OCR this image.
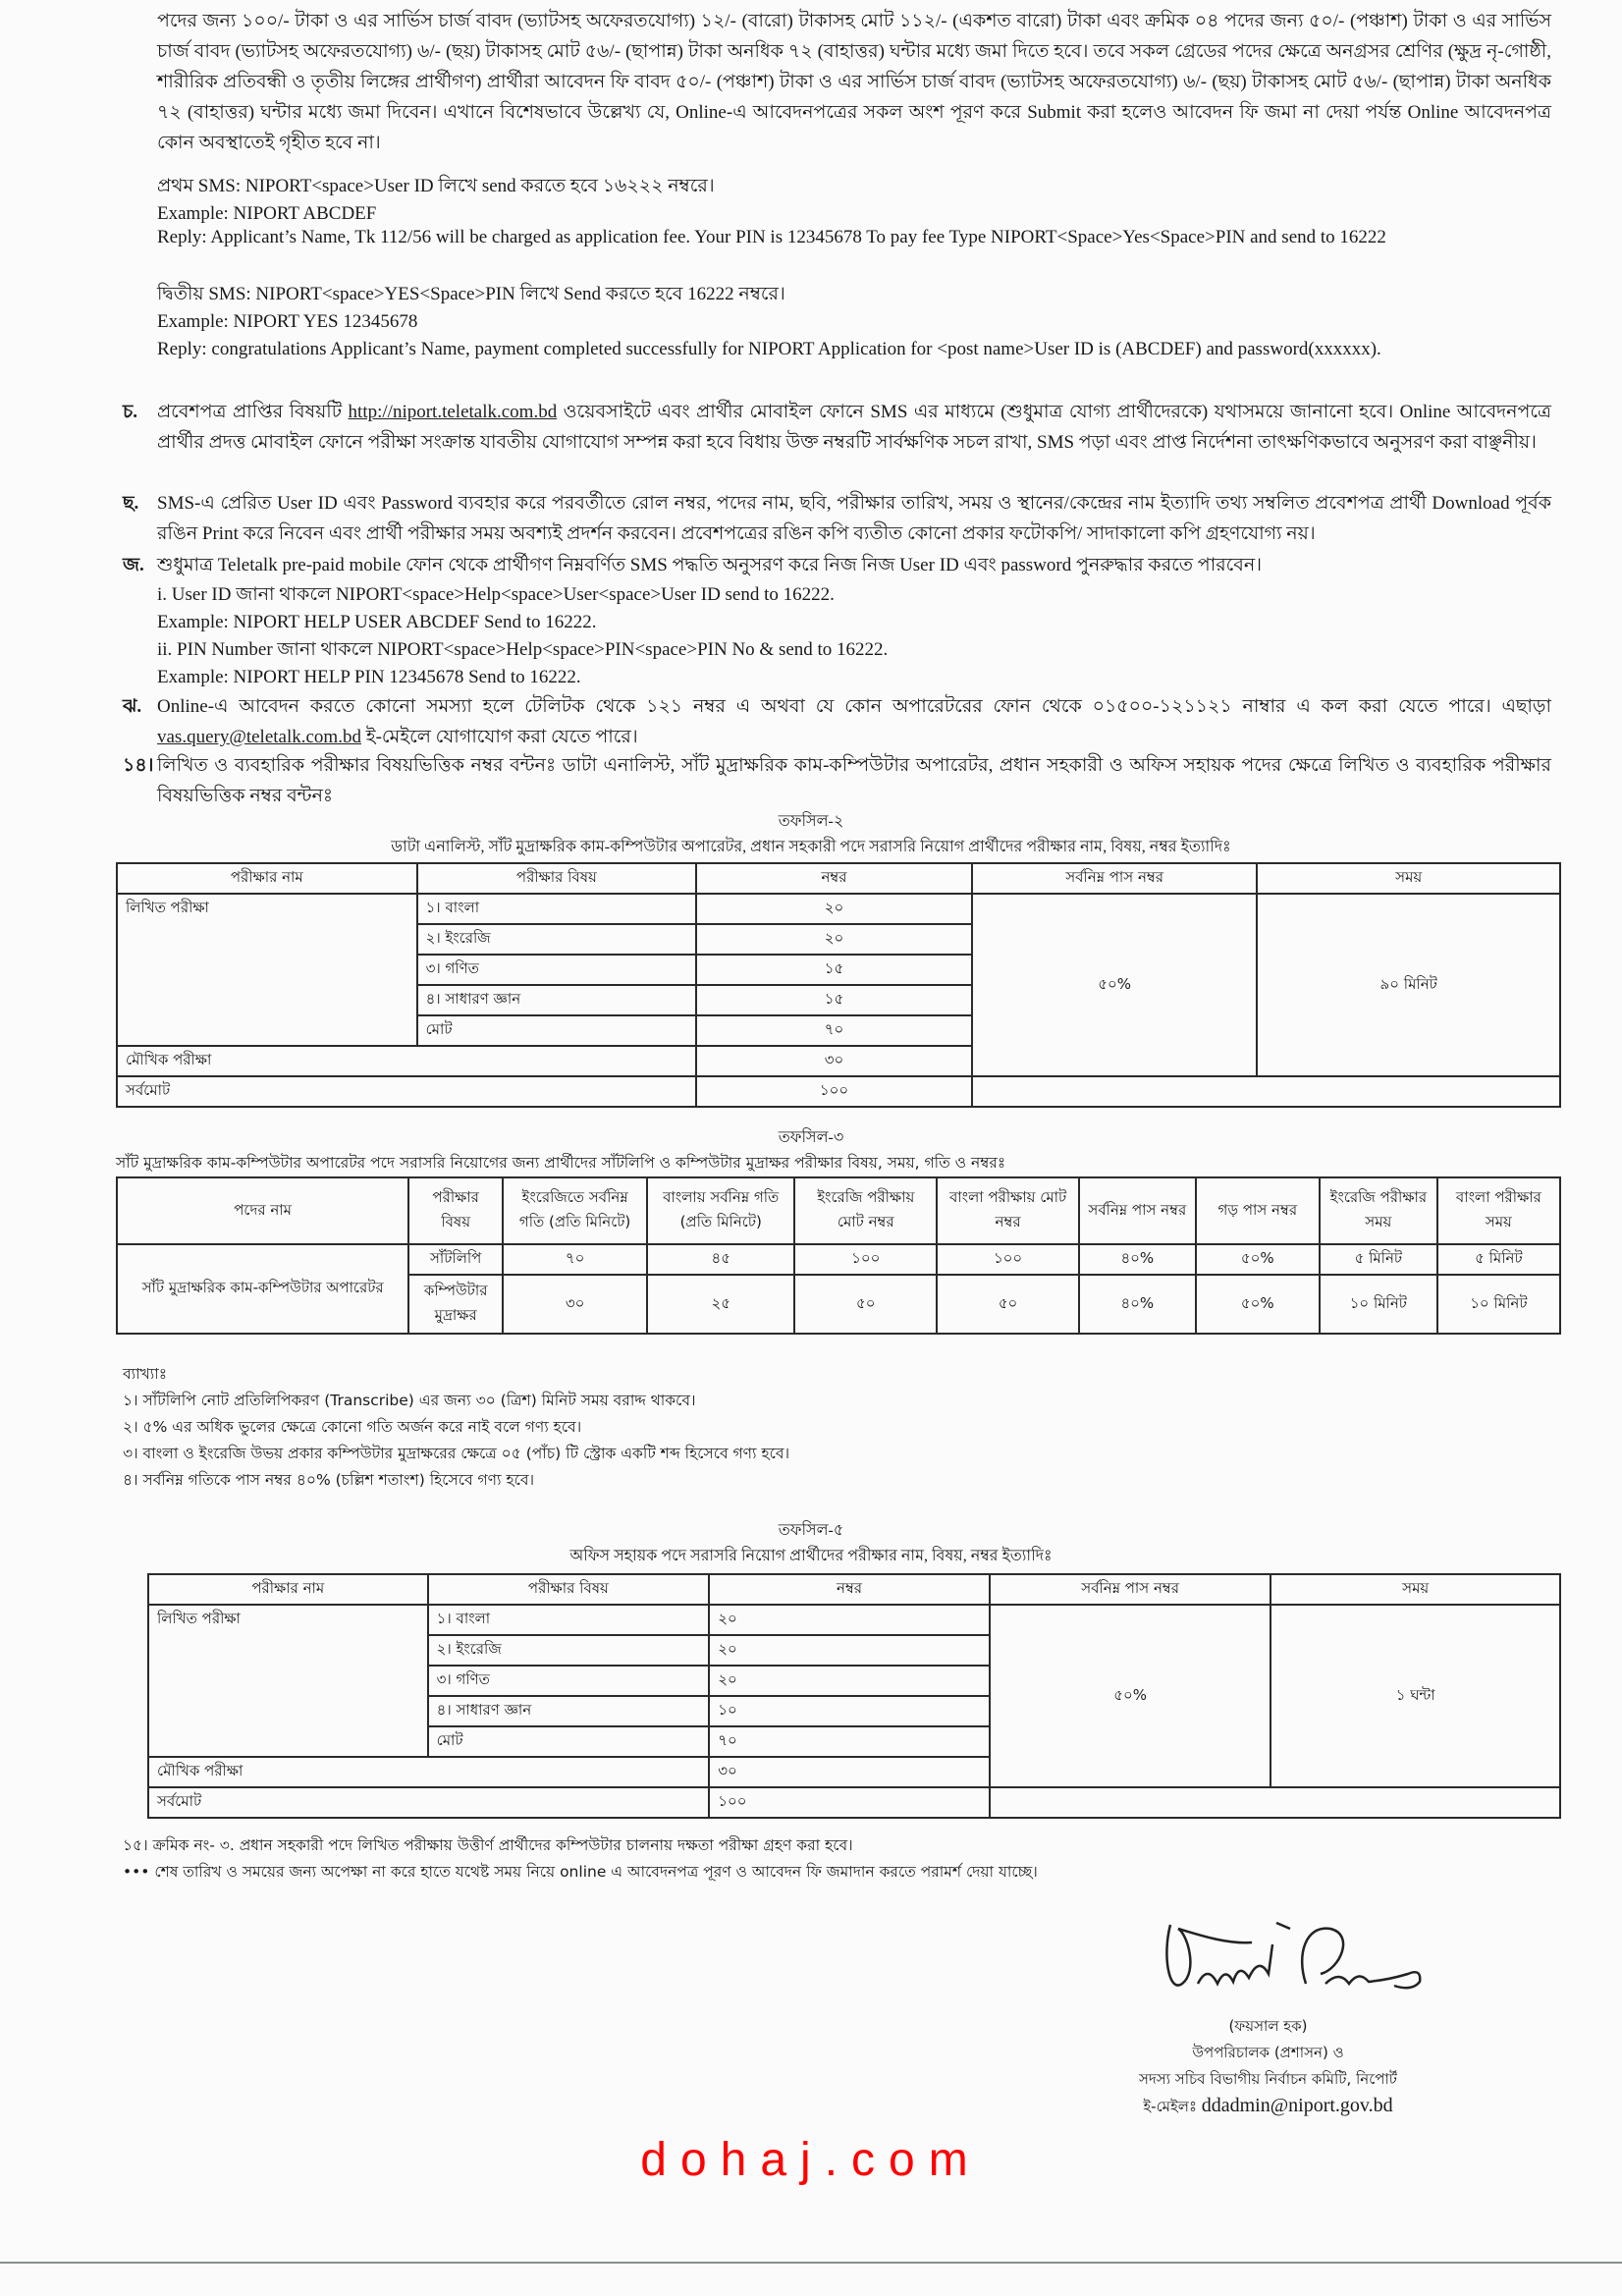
পদের জন্য ১০০/- টাকা ও এর সার্ভিস চার্জ বাবদ (ভ্যাটসহ অফেরতযোগ্য) ১২/- (বারো) টাকাসহ মোট ১১২/- (একশত বারো) টাকা এবং ক্রমিক ০৪ পদের জন্য ৫০/- (পঞ্চাশ) টাকা ও এর সার্ভিস চার্জ বাবদ (ভ্যাটসহ অফেরতযোগ্য) ৬/- (ছয়) টাকাসহ মোট ৫৬/- (ছাপান্ন) টাকা অনধিক ৭২ (বাহাত্তর) ঘন্টার মধ্যে জমা দিতে হবে। তবে সকল গ্রেডের পদের ক্ষেত্রে অনগ্রসর শ্রেণির (ক্ষুদ্র নৃ-গোষ্ঠী, শারীরিক প্রতিবন্ধী ও তৃতীয় লিঙ্গের প্রার্থীগণ) প্রার্থীরা আবেদন ফি বাবদ ৫০/- (পঞ্চাশ) টাকা ও এর সার্ভিস চার্জ বাবদ (ভ্যাটসহ অফেরতযোগ্য) ৬/- (ছয়) টাকাসহ মোট ৫৬/- (ছাপান্ন) টাকা অনধিক ৭২ (বাহাত্তর) ঘন্টার মধ্যে জমা দিবেন। এখানে বিশেষভাবে উল্লেখ্য যে, Online-এ আবেদনপত্রের সকল অংশ পূরণ করে Submit করা হলেও আবেদন ফি জমা না দেয়া পর্যন্ত Online আবেদনপত্র কোন অবস্থাতেই গৃহীত হবে না।
প্রথম SMS: NIPORT<space>User ID লিখে send করতে হবে ১৬২২২ নম্বরে।
Example: NIPORT ABCDEF
Reply: Applicant’s Name, Tk 112/56 will be charged as application fee. Your PIN is 12345678 To pay fee Type NIPORT<Space>Yes<Space>PIN and send to 16222
দ্বিতীয় SMS: NIPORT<space>YES<Space>PIN লিখে Send করতে হবে 16222 নম্বরে।
Example: NIPORT YES 12345678
Reply: congratulations Applicant’s Name, payment completed successfully for NIPORT Application for <post name>User ID is (ABCDEF) and password(xxxxxx).
চ. প্রবেশপত্র প্রাপ্তির বিষয়টি http://niport.teletalk.com.bd ওয়েবসাইটে এবং প্রার্থীর মোবাইল ফোনে SMS এর মাধ্যমে (শুধুমাত্র যোগ্য প্রার্থীদেরকে) যথাসময়ে জানানো হবে। Online আবেদনপত্রে প্রার্থীর প্রদত্ত মোবাইল ফোনে পরীক্ষা সংক্রান্ত যাবতীয় যোগাযোগ সম্পন্ন করা হবে বিধায় উক্ত নম্বরটি সার্বক্ষণিক সচল রাখা, SMS পড়া এবং প্রাপ্ত নির্দেশনা তাৎক্ষণিকভাবে অনুসরণ করা বাঞ্ছনীয়।
ছ. SMS-এ প্রেরিত User ID এবং Password ব্যবহার করে পরবর্তীতে রোল নম্বর, পদের নাম, ছবি, পরীক্ষার তারিখ, সময় ও স্থানের/কেন্দ্রের নাম ইত্যাদি তথ্য সম্বলিত প্রবেশপত্র প্রার্থী Download পূর্বক রঙিন Print করে নিবেন এবং প্রার্থী পরীক্ষার সময় অবশ্যই প্রদর্শন করবেন। প্রবেশপত্রের রঙিন কপি ব্যতীত কোনো প্রকার ফটোকপি/ সাদাকালো কপি গ্রহণযোগ্য নয়।
জ. শুধুমাত্র Teletalk pre-paid mobile ফোন থেকে প্রার্থীগণ নিম্নবর্ণিত SMS পদ্ধতি অনুসরণ করে নিজ নিজ User ID এবং password পুনরুদ্ধার করতে পারবেন।
i. User ID জানা থাকলে NIPORT<space>Help<space>User<space>User ID send to 16222.
Example: NIPORT HELP USER ABCDEF Send to 16222.
ii. PIN Number জানা থাকলে NIPORT<space>Help<space>PIN<space>PIN No & send to 16222.
Example: NIPORT HELP PIN 12345678 Send to 16222.
ঝ. Online-এ আবেদন করতে কোনো সমস্যা হলে টেলিটক থেকে ১২১ নম্বর এ অথবা যে কোন অপারেটরের ফোন থেকে ০১৫০০-১২১১২১ নাম্বার এ কল করা যেতে পারে। এছাড়া vas.query@teletalk.com.bd ই-মেইলে যোগাযোগ করা যেতে পারে।
১৪। লিখিত ও ব্যবহারিক পরীক্ষার বিষয়ভিত্তিক নম্বর বন্টনঃ ডাটা এনালিস্ট, সাঁট মুদ্রাক্ষরিক কাম-কম্পিউটার অপারেটর, প্রধান সহকারী ও অফিস সহায়ক পদের ক্ষেত্রে লিখিত ও ব্যবহারিক পরীক্ষার বিষয়ভিত্তিক নম্বর বন্টনঃ
তফসিল-২
ডাটা এনালিস্ট, সাঁট মুদ্রাক্ষরিক কাম-কম্পিউটার অপারেটর, প্রধান সহকারী পদে সরাসরি নিয়োগ প্রার্থীদের পরীক্ষার নাম, বিষয়, নম্বর ইত্যাদিঃ
পরীক্ষার নাম	পরীক্ষার বিষয়	নম্বর	সর্বনিম্ন পাস নম্বর	সময়
লিখিত পরীক্ষা	১। বাংলা	২০	৫০%	৯০ মিনিট
	২। ইংরেজি	২০		
	৩। গণিত	১৫		
	৪। সাধারণ জ্ঞান	১৫		
	মোট	৭০		
মৌখিক পরীক্ষা		৩০		
সর্বমোট		১০০		
তফসিল-৩
সাঁট মুদ্রাক্ষরিক কাম-কম্পিউটার অপারেটর পদে সরাসরি নিয়োগের জন্য প্রার্থীদের সাঁটলিপি ও কম্পিউটার মুদ্রাক্ষর পরীক্ষার বিষয়, সময়, গতি ও নম্বরঃ
পদের নাম	পরীক্ষার বিষয়	ইংরেজিতে সর্বনিম্ন গতি (প্রতি মিনিটে)	বাংলায় সর্বনিম্ন গতি (প্রতি মিনিটে)	ইংরেজি পরীক্ষায় মোট নম্বর	বাংলা পরীক্ষায় মোট নম্বর	সর্বনিম্ন পাস নম্বর	গড় পাস নম্বর	ইংরেজি পরীক্ষার সময়	বাংলা পরীক্ষার সময়
সাঁট মুদ্রাক্ষরিক কাম-কম্পিউটার অপারেটর	সাঁটলিপি	৭০	৪৫	১০০	১০০	৪০%	৫০%	৫ মিনিট	৫ মিনিট
	কম্পিউটার মুদ্রাক্ষর	৩০	২৫	৫০	৫০	৪০%	৫০%	১০ মিনিট	১০ মিনিট
ব্যাখ্যাঃ
১। সাঁটলিপি নোট প্রতিলিপিকরণ (Transcribe) এর জন্য ৩০ (ত্রিশ) মিনিট সময় বরাদ্দ থাকবে।
২। ৫% এর অধিক ভুলের ক্ষেত্রে কোনো গতি অর্জন করে নাই বলে গণ্য হবে।
৩। বাংলা ও ইংরেজি উভয় প্রকার কম্পিউটার মুদ্রাক্ষরের ক্ষেত্রে ০৫ (পাঁচ) টি স্ট্রোক একটি শব্দ হিসেবে গণ্য হবে।
৪। সর্বনিম্ন গতিকে পাস নম্বর ৪০% (চল্লিশ শতাংশ) হিসেবে গণ্য হবে।
তফসিল-৫
অফিস সহায়ক পদে সরাসরি নিয়োগ প্রার্থীদের পরীক্ষার নাম, বিষয়, নম্বর ইত্যাদিঃ
পরীক্ষার নাম	পরীক্ষার বিষয়	নম্বর	সর্বনিম্ন পাস নম্বর	সময়
লিখিত পরীক্ষা	১। বাংলা	২০	৫০%	১ ঘন্টা
	২। ইংরেজি	২০		
	৩। গণিত	২০		
	৪। সাধারণ জ্ঞান	১০		
	মোট	৭০		
মৌখিক পরীক্ষা		৩০		
সর্বমোট		১০০		
১৫। ক্রমিক নং- ৩. প্রধান সহকারী পদে লিখিত পরীক্ষায় উত্তীর্ণ প্রার্থীদের কম্পিউটার চালনায় দক্ষতা পরীক্ষা গ্রহণ করা হবে।
••• শেষ তারিখ ও সময়ের জন্য অপেক্ষা না করে হাতে যথেষ্ট সময় নিয়ে online এ আবেদনপত্র পূরণ ও আবেদন ফি জমাদান করতে পরামর্শ দেয়া যাচ্ছে।
(ফয়সাল হক)
উপপরিচালক (প্রশাসন) ও
সদস্য সচিব বিভাগীয় নির্বাচন কমিটি, নিপোর্ট
ই-মেইলঃ ddadmin@niport.gov.bd
dohaj.com
